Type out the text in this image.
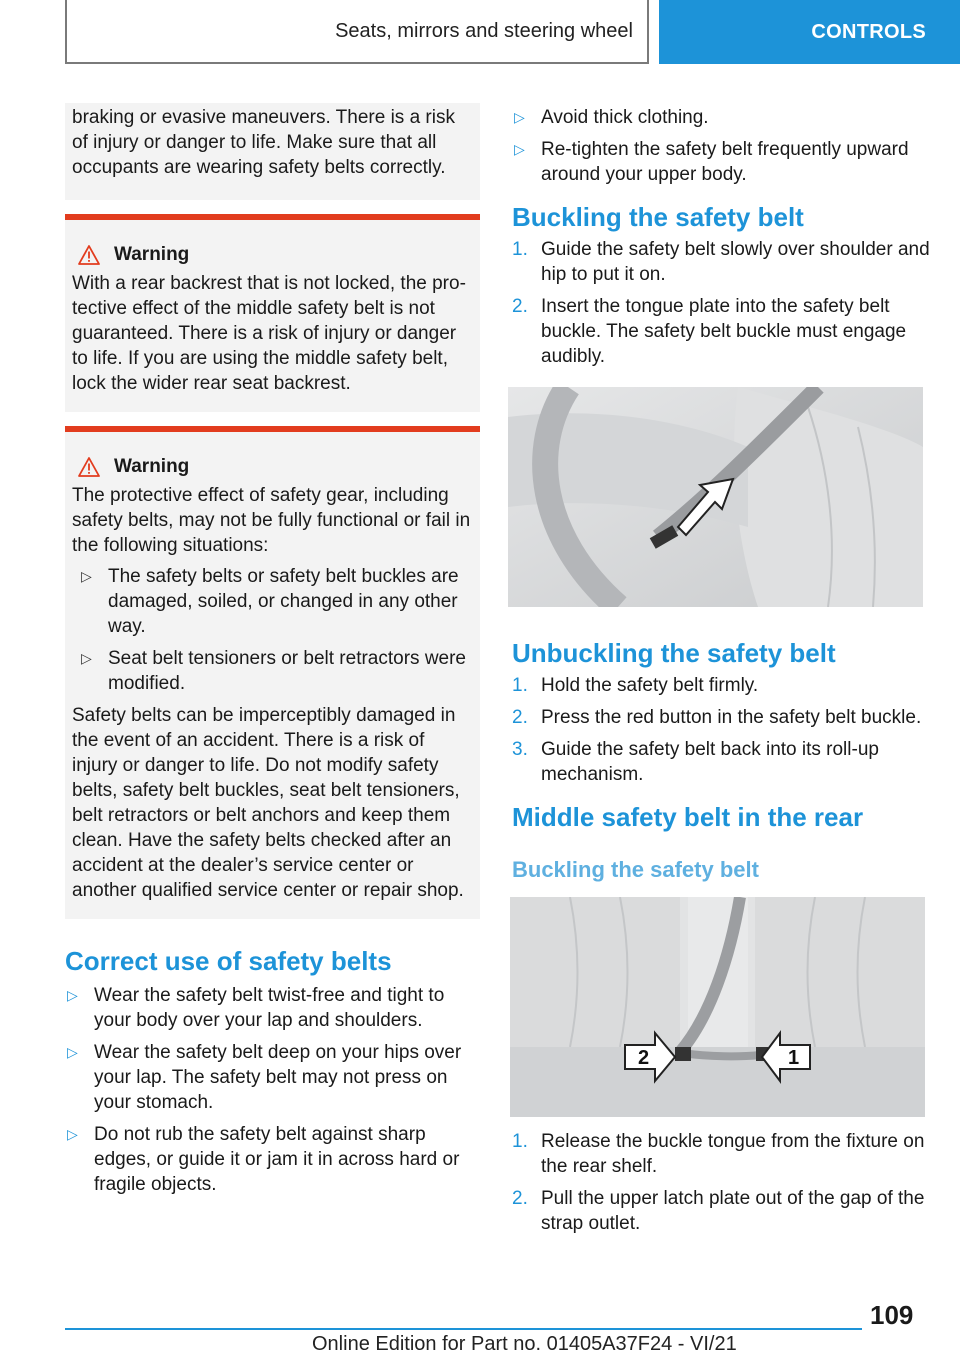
Seats, mirrors and steering wheel	CONTROLS

braking or evasive maneuvers. There is a risk of injury or danger to life. Make sure that all occupants are wearing safety belts correctly.

Warning

With a rear backrest that is not locked, the protective effect of the middle safety belt is not guaranteed. There is a risk of injury or danger to life. If you are using the middle safety belt, lock the wider rear seat backrest.

Warning

The protective effect of safety gear, including safety belts, may not be fully functional or fail in the following situations:

▷ The safety belts or safety belt buckles are damaged, soiled, or changed in any other way.
▷ Seat belt tensioners or belt retractors were modified.

Safety belts can be imperceptibly damaged in the event of an accident. There is a risk of injury or danger to life. Do not modify safety belts, safety belt buckles, seat belt tensioners, belt retractors or belt anchors and keep them clean. Have the safety belts checked after an accident at the dealer’s service center or another qualified service center or repair shop.

Correct use of safety belts
▷ Wear the safety belt twist-free and tight to your body over your lap and shoulders.
▷ Wear the safety belt deep on your hips over your lap. The safety belt may not press on your stomach.
▷ Do not rub the safety belt against sharp edges, or guide it or jam it in across hard or fragile objects.
▷ Avoid thick clothing.
▷ Re-tighten the safety belt frequently upward around your upper body.
Buckling the safety belt
1. Guide the safety belt slowly over shoulder and hip to put it on.
2. Insert the tongue plate into the safety belt buckle. The safety belt buckle must engage audibly.
Unbuckling the safety belt
1. Hold the safety belt firmly.
2. Press the red button in the safety belt buckle.
3. Guide the safety belt back into its roll-up mechanism.
Middle safety belt in the rear
Buckling the safety belt
2	1
1. Release the buckle tongue from the fixture on the rear shelf.
2. Pull the upper latch plate out of the gap of the strap outlet.
109
Online Edition for Part no. 01405A37F24 - VI/21
